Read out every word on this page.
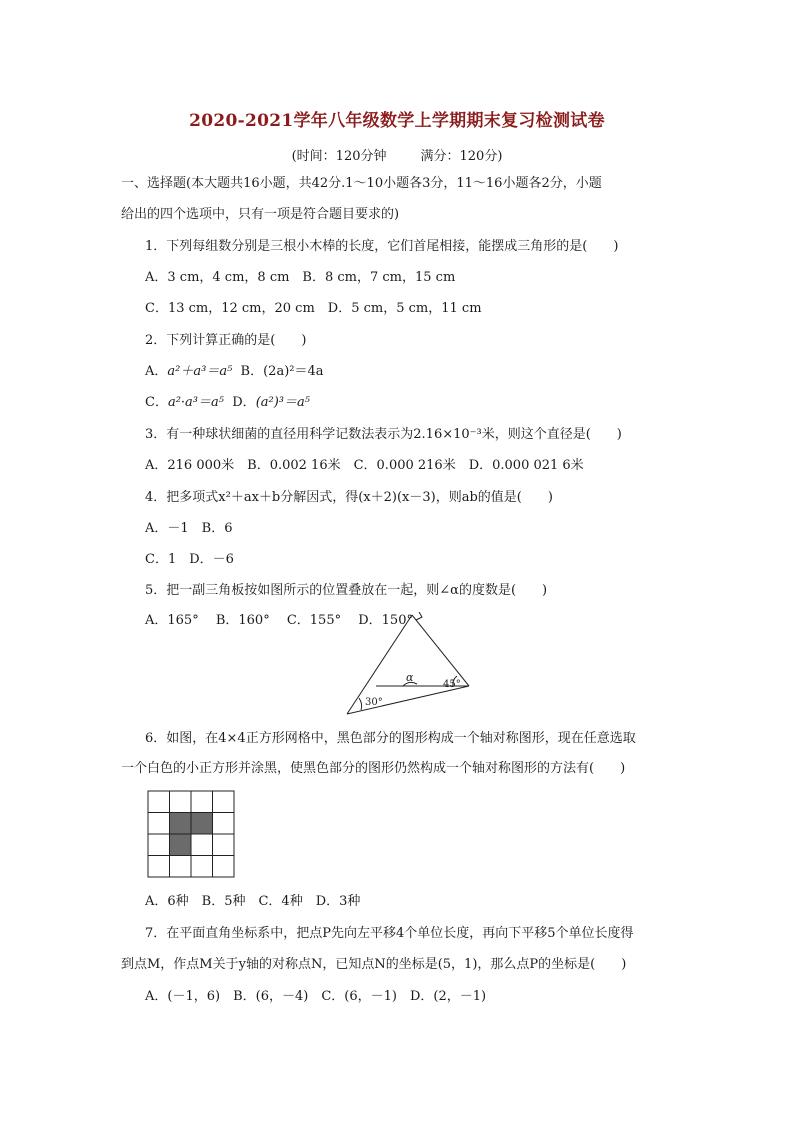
2020-2021学年八年级数学上学期期末复习检测试卷
(时间：120分钟	满分：120分)
一、选择题(本大题共16小题，共42分.1～10小题各3分，11～16小题各2分，小题
给出的四个选项中，只有一项是符合题目要求的)
1．下列每组数分别是三根小木棒的长度，它们首尾相接，能摆成三角形的是(　　)
A．3 cm，4 cm，8 cm　B．8 cm，7 cm，15 cm
C．13 cm，12 cm，20 cm　D．5 cm，5 cm，11 cm
2．下列计算正确的是(　　)
A．a²＋a³＝a⁵ B．(2a)²＝4a
C．a²·a³＝a⁵ D．(a²)³＝a⁵
3．有一种球状细菌的直径用科学记数法表示为2.16×10⁻³米，则这个直径是(　　)
A．216 000米　B．0.002 16米　C．0.000 216米　D．0.000 021 6米
4．把多项式x²＋ax＋b分解因式，得(x＋2)(x－3)，则ab的值是(　　)
A．－1　B．6
C．1　D．－6
5．把一副三角板按如图所示的位置叠放在一起，则∠α的度数是(　　)
A．165°　 B．160°　 C．155°　 D．150°
α
45°
30°
6．如图，在4×4正方形网格中，黑色部分的图形构成一个轴对称图形，现在任意选取
一个白色的小正方形并涂黑，使黑色部分的图形仍然构成一个轴对称图形的方法有(　　)
A．6种　B．5种　C．4种　D．3种
7．在平面直角坐标系中，把点P先向左平移4个单位长度，再向下平移5个单位长度得
到点M，作点M关于y轴的对称点N，已知点N的坐标是(5，1)，那么点P的坐标是(　　)
A．(－1，6)　B．(6，－4)　C．(6，－1)　D．(2，－1)
